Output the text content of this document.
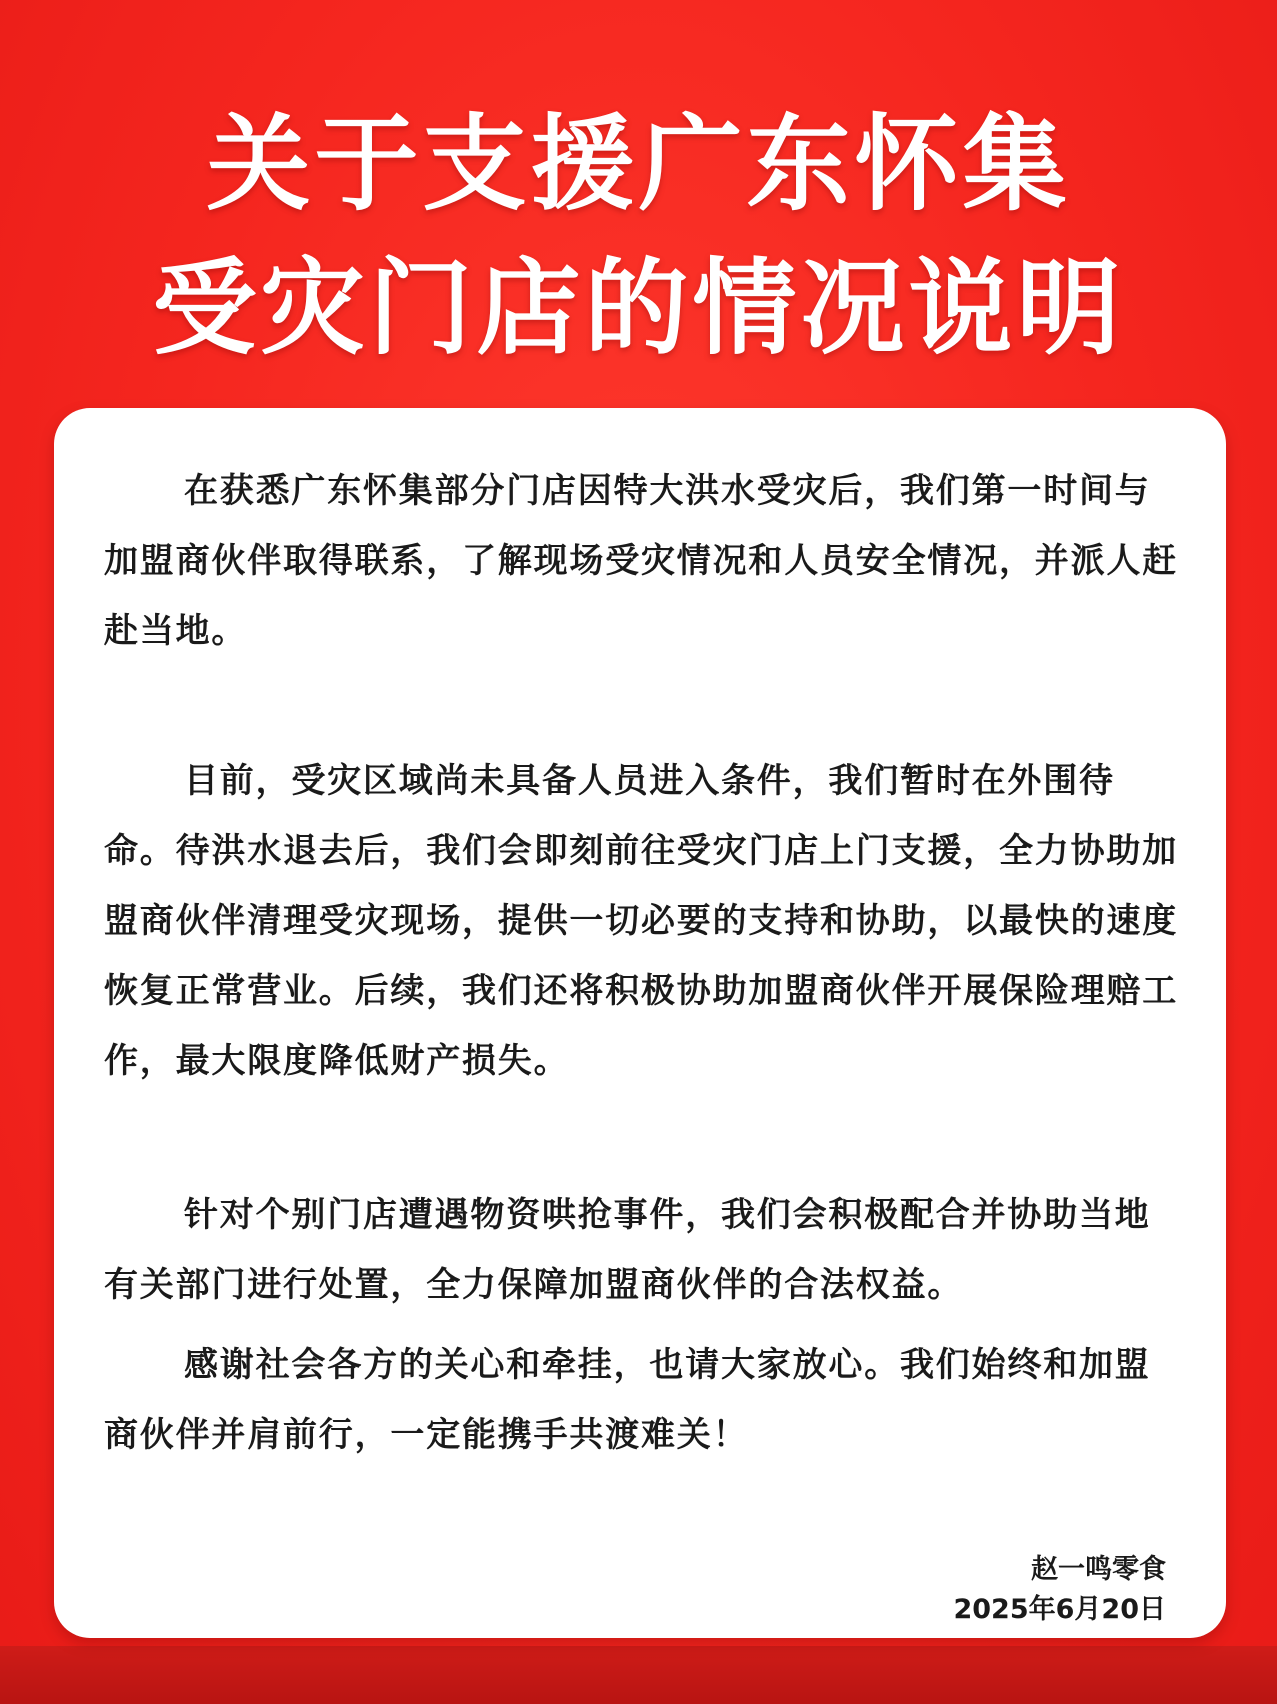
关于支援广东怀集
受灾门店的情况说明

在获悉广东怀集部分门店因特大洪水受灾后，我们第一时间与加盟商伙伴取得联系，了解现场受灾情况和人员安全情况，并派人赶赴当地。

目前，受灾区域尚未具备人员进入条件，我们暂时在外围待命。待洪水退去后，我们会即刻前往受灾门店上门支援，全力协助加盟商伙伴清理受灾现场，提供一切必要的支持和协助，以最快的速度恢复正常营业。后续，我们还将积极协助加盟商伙伴开展保险理赔工作，最大限度降低财产损失。

针对个别门店遭遇物资哄抢事件，我们会积极配合并协助当地有关部门进行处置，全力保障加盟商伙伴的合法权益。

感谢社会各方的关心和牵挂，也请大家放心。我们始终和加盟商伙伴并肩前行，一定能携手共渡难关！

赵一鸣零食
2025年6月20日
